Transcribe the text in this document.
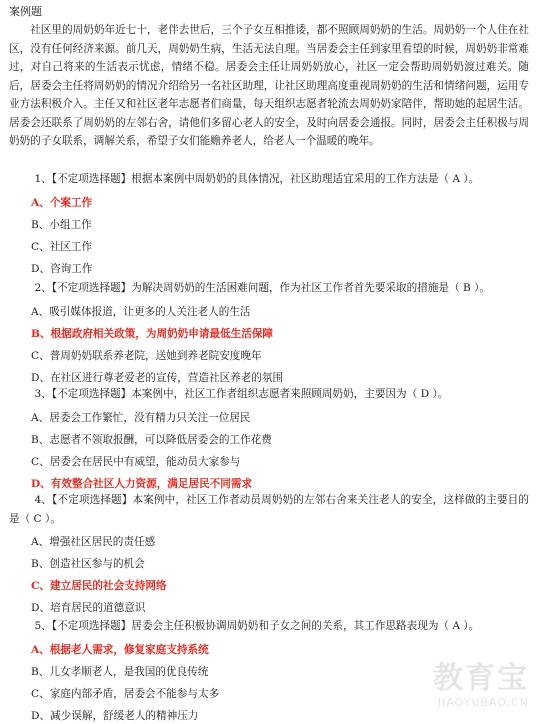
案例题
社区里的周奶奶年近七十，老伴去世后，三个子女互相推诿，都不照顾周奶奶的生活。周奶奶一个人住在社区，没有任何经济来源。前几天，周奶奶生病，生活无法自理。当居委会主任到家里看望的时候，周奶奶非常难过，对自己将来的生活表示忧虑，情绪不稳。居委会主任让周奶奶放心，社区一定会帮助周奶奶渡过难关。随后，居委会主任将周奶奶的情况介绍给另一名社区助理，让社区助理高度重视周奶奶的生活和情绪问题，运用专业方法积极介入。主任又和社区老年志愿者们商量，每天组织志愿者轮流去周奶奶家陪伴，帮助她的起居生活。居委会还联系了周奶奶的左邻右舍，请他们多留心老人的安全，及时向居委会通报。同时，居委会主任积极与周奶奶的子女联系，调解关系，希望子女们能赡养老人，给老人一个温暖的晚年。
1、【不定项选择题】根据本案例中周奶奶的具体情况，社区助理适宜采用的工作方法是（ A ）。
A、个案工作
B、小组工作
C、社区工作
D、咨询工作
2、【不定项选择题】为解决周奶奶的生活困难问题，作为社区工作者首先要采取的措施是（ B ）。
A、吸引媒体报道，让更多的人关注老人的生活
B、根据政府相关政策，为周奶奶申请最低生活保障
C、普周奶奶联系养老院，送她到养老院安度晚年
D、在社区进行尊老爱老的宣传，营造社区养老的氛围
3、【不定项选择题】本案例中，社区工作者组织志愿者来照顾周奶奶，主要因为（ D ）。
A、居委会工作繁忙，没有精力只关注一位居民
B、志愿者不领取报酬，可以降低居委会的工作花费
C、居委会在居民中有威望，能动员大家参与
D、有效整合社区人力资源，满足居民不同需求
4、【不定项选择题】本案例中，社区工作者动员周奶奶的左邻右舍来关注老人的安全，这样做的主要目的是（ C ）。
A、增强社区居民的责任感
B、创造社区参与的机会
C、建立居民的社会支持网络
D、培育居民的道德意识
5、【不定项选择题】居委会主任积极协调周奶奶和子女之间的关系，其工作思路表现为（ A ）。
A、根据老人需求，修复家庭支持系统
B、儿女孝顺老人，是我国的优良传统
C、家庭内部矛盾，居委会不能参与太多
D、减少误解，舒缓老人的精神压力
教育宝
JIAOYUBAO.CN
